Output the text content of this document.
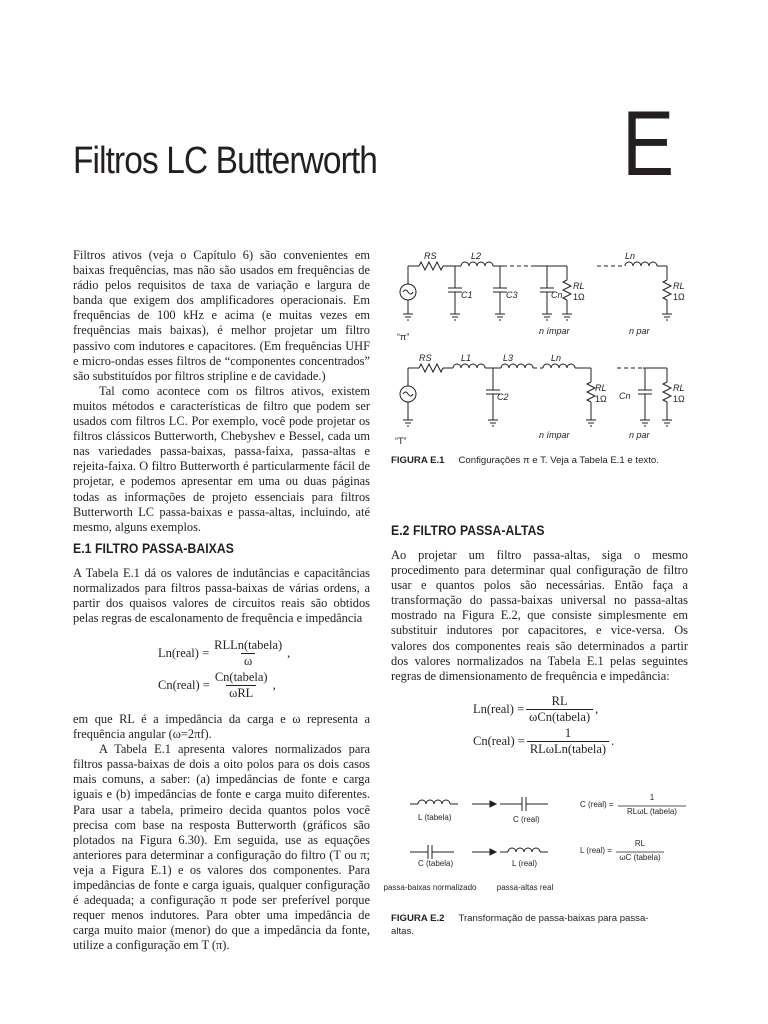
Filtros LC Butterworth	E

Filtros ativos (veja o Capítulo 6) são convenientes em baixas frequências, mas não são usados em frequências de rádio pelos requisitos de taxa de variação e largura de banda que exigem dos amplificadores operacionais. Em frequências de 100 kHz e acima (e muitas vezes em frequências mais baixas), é melhor projetar um filtro passivo com indutores e capacitores. (Em frequências UHF e micro-ondas esses filtros de “componentes concentrados” são substituídos por filtros stripline e de cavidade.)

Tal como acontece com os filtros ativos, existem muitos métodos e características de filtro que podem ser usados com filtros LC. Por exemplo, você pode projetar os filtros clássicos Butterworth, Chebyshev e Bessel, cada um nas variedades passa-baixas, passa-faixa, passa-altas e rejeita-faixa. O filtro Butterworth é particularmente fácil de projetar, e podemos apresentar em uma ou duas páginas todas as informações de projeto essenciais para filtros Butterworth LC passa-baixas e passa-altas, incluindo, até mesmo, alguns exemplos.

E.1 FILTRO PASSA-BAIXAS

A Tabela E.1 dá os valores de indutâncias e capacitâncias normalizados para filtros passa-baixas de várias ordens, a partir dos quaisos valores de circuitos reais são obtidos pelas regras de escalonamento de frequência e impedância

Ln(real) = $\frac{\text{RLLn(tabela)}}{\omega}$ ,
Cn(real) = $\frac{\text{Cn(tabela)}}{\text{ωRL}}$ ,

em que RL é a impedância da carga e ω representa a frequência angular (ω=2πf).

A Tabela E.1 apresenta valores normalizados para filtros passa-baixas de dois a oito polos para os dois casos mais comuns, a saber: (a) impedâncias de fonte e carga iguais e (b) impedâncias de fonte e carga muito diferentes. Para usar a tabela, primeiro decida quantos polos você precisa com base na resposta Butterworth (gráficos são plotados na Figura 6.30). Em seguida, use as equações anteriores para determinar a configuração do filtro (T ou π; veja a Figura E.1) e os valores dos componentes. Para impedâncias de fonte e carga iguais, qualquer configuração é adequada; a configuração π pode ser preferível porque requer menos indutores. Para obter uma impedância de carga muito maior (menor) do que a impedância da fonte, utilize a configuração em T (π).

RS	L2
C1	C3	Cn
RL
1Ω
Ln
RL
1Ω
“π”
n ímpar	n par
RS	L1	L3	Ln
C2
RL
1Ω Cn
RL
1Ω
“T”
n ímpar	n par
FIGURA E.1 Configurações π e T. Veja a Tabela E.1 e texto.
E.2 FILTRO PASSA-ALTAS

Ao projetar um filtro passa-altas, siga o mesmo procedimento para determinar qual configuração de filtro usar e quantos polos são necessárias. Então faça a transformação do passa-baixas universal no passa-altas mostrado na Figura E.2, que consiste simplesmente em substituir indutores por capacitores, e vice-versa. Os valores dos componentes reais são determinados a partir dos valores normalizados na Tabela E.1 pelas seguintes regras de dimensionamento de frequência e impedância:

Ln(real) = $\frac{RL}{\text{ωCn(tabela)}}$ ,
Cn(real) = $\frac{1}{\text{RLωLn(tabela)}}$ .
L (tabela)	C (real)
C (tabela)	L (real)
C (real) =
1
RLωL (tabela)
L (real) =
RL
ωC (tabela)
passa-baixas normalizado	passa-altas real
FIGURA E.2 Transformação de passa-baixas para passa-altas.
